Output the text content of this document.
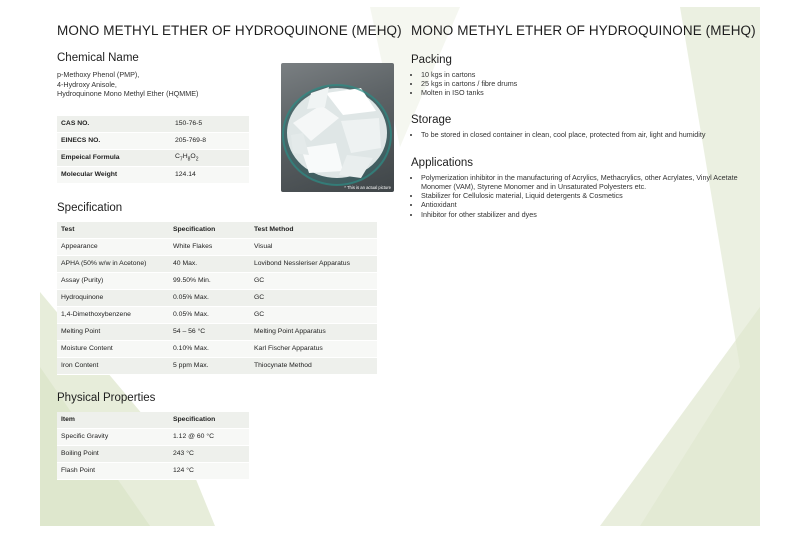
MONO METHYL ETHER OF HYDROQUINONE (MEHQ)
Chemical Name
p-Methoxy Phenol (PMP),
4-Hydroxy Anisole,
Hydroquinone Mono Methyl Ether (HQMME)
CAS NO.	150-76-5
EINECS NO.	205-769-8
Empeical Formula	$C_7H_8O_2$
Molecular Weight	124.14
Specification
Test	Specification	Test Method
Appearance	White Flakes	Visual
APHA (50% w/w in Acetone)	40 Max.	Lovibond Nessleriser Apparatus
Assay (Purity)	99.50% Min.	GC
Hydroquinone	0.05% Max.	GC
1,4-Dimethoxybenzene	0.05% Max.	GC
Melting Point	54 – 56 °C	Melting Point Apparatus
Moisture Content	0.10% Max.	Karl Fischer Apparatus
Iron Content	5 ppm Max.	Thiocynate Method
Physical Properties
Item	Specification
Specific Gravity	1.12 @ 60 °C
Boiling Point	243 °C
Flash Point	124 °C
* This is an actual picture
MONO METHYL ETHER OF HYDROQUINONE (MEHQ)
Packing
• 10 kgs in cartons
• 25 kgs in cartons / fibre drums
• Molten in ISO tanks
Storage
• To be stored in closed container in clean, cool place, protected from air, light and humidity
Applications
• Polymerization inhibitor in the manufacturing of Acrylics, Methacrylics, other Acrylates, Vinyl Acetate Monomer (VAM), Styrene Monomer and in Unsaturated Polyesters etc.
• Stabilizer for Cellulosic material, Liquid detergents & Cosmetics
• Antioxidant
• Inhibitor for other stabilizer and dyes
